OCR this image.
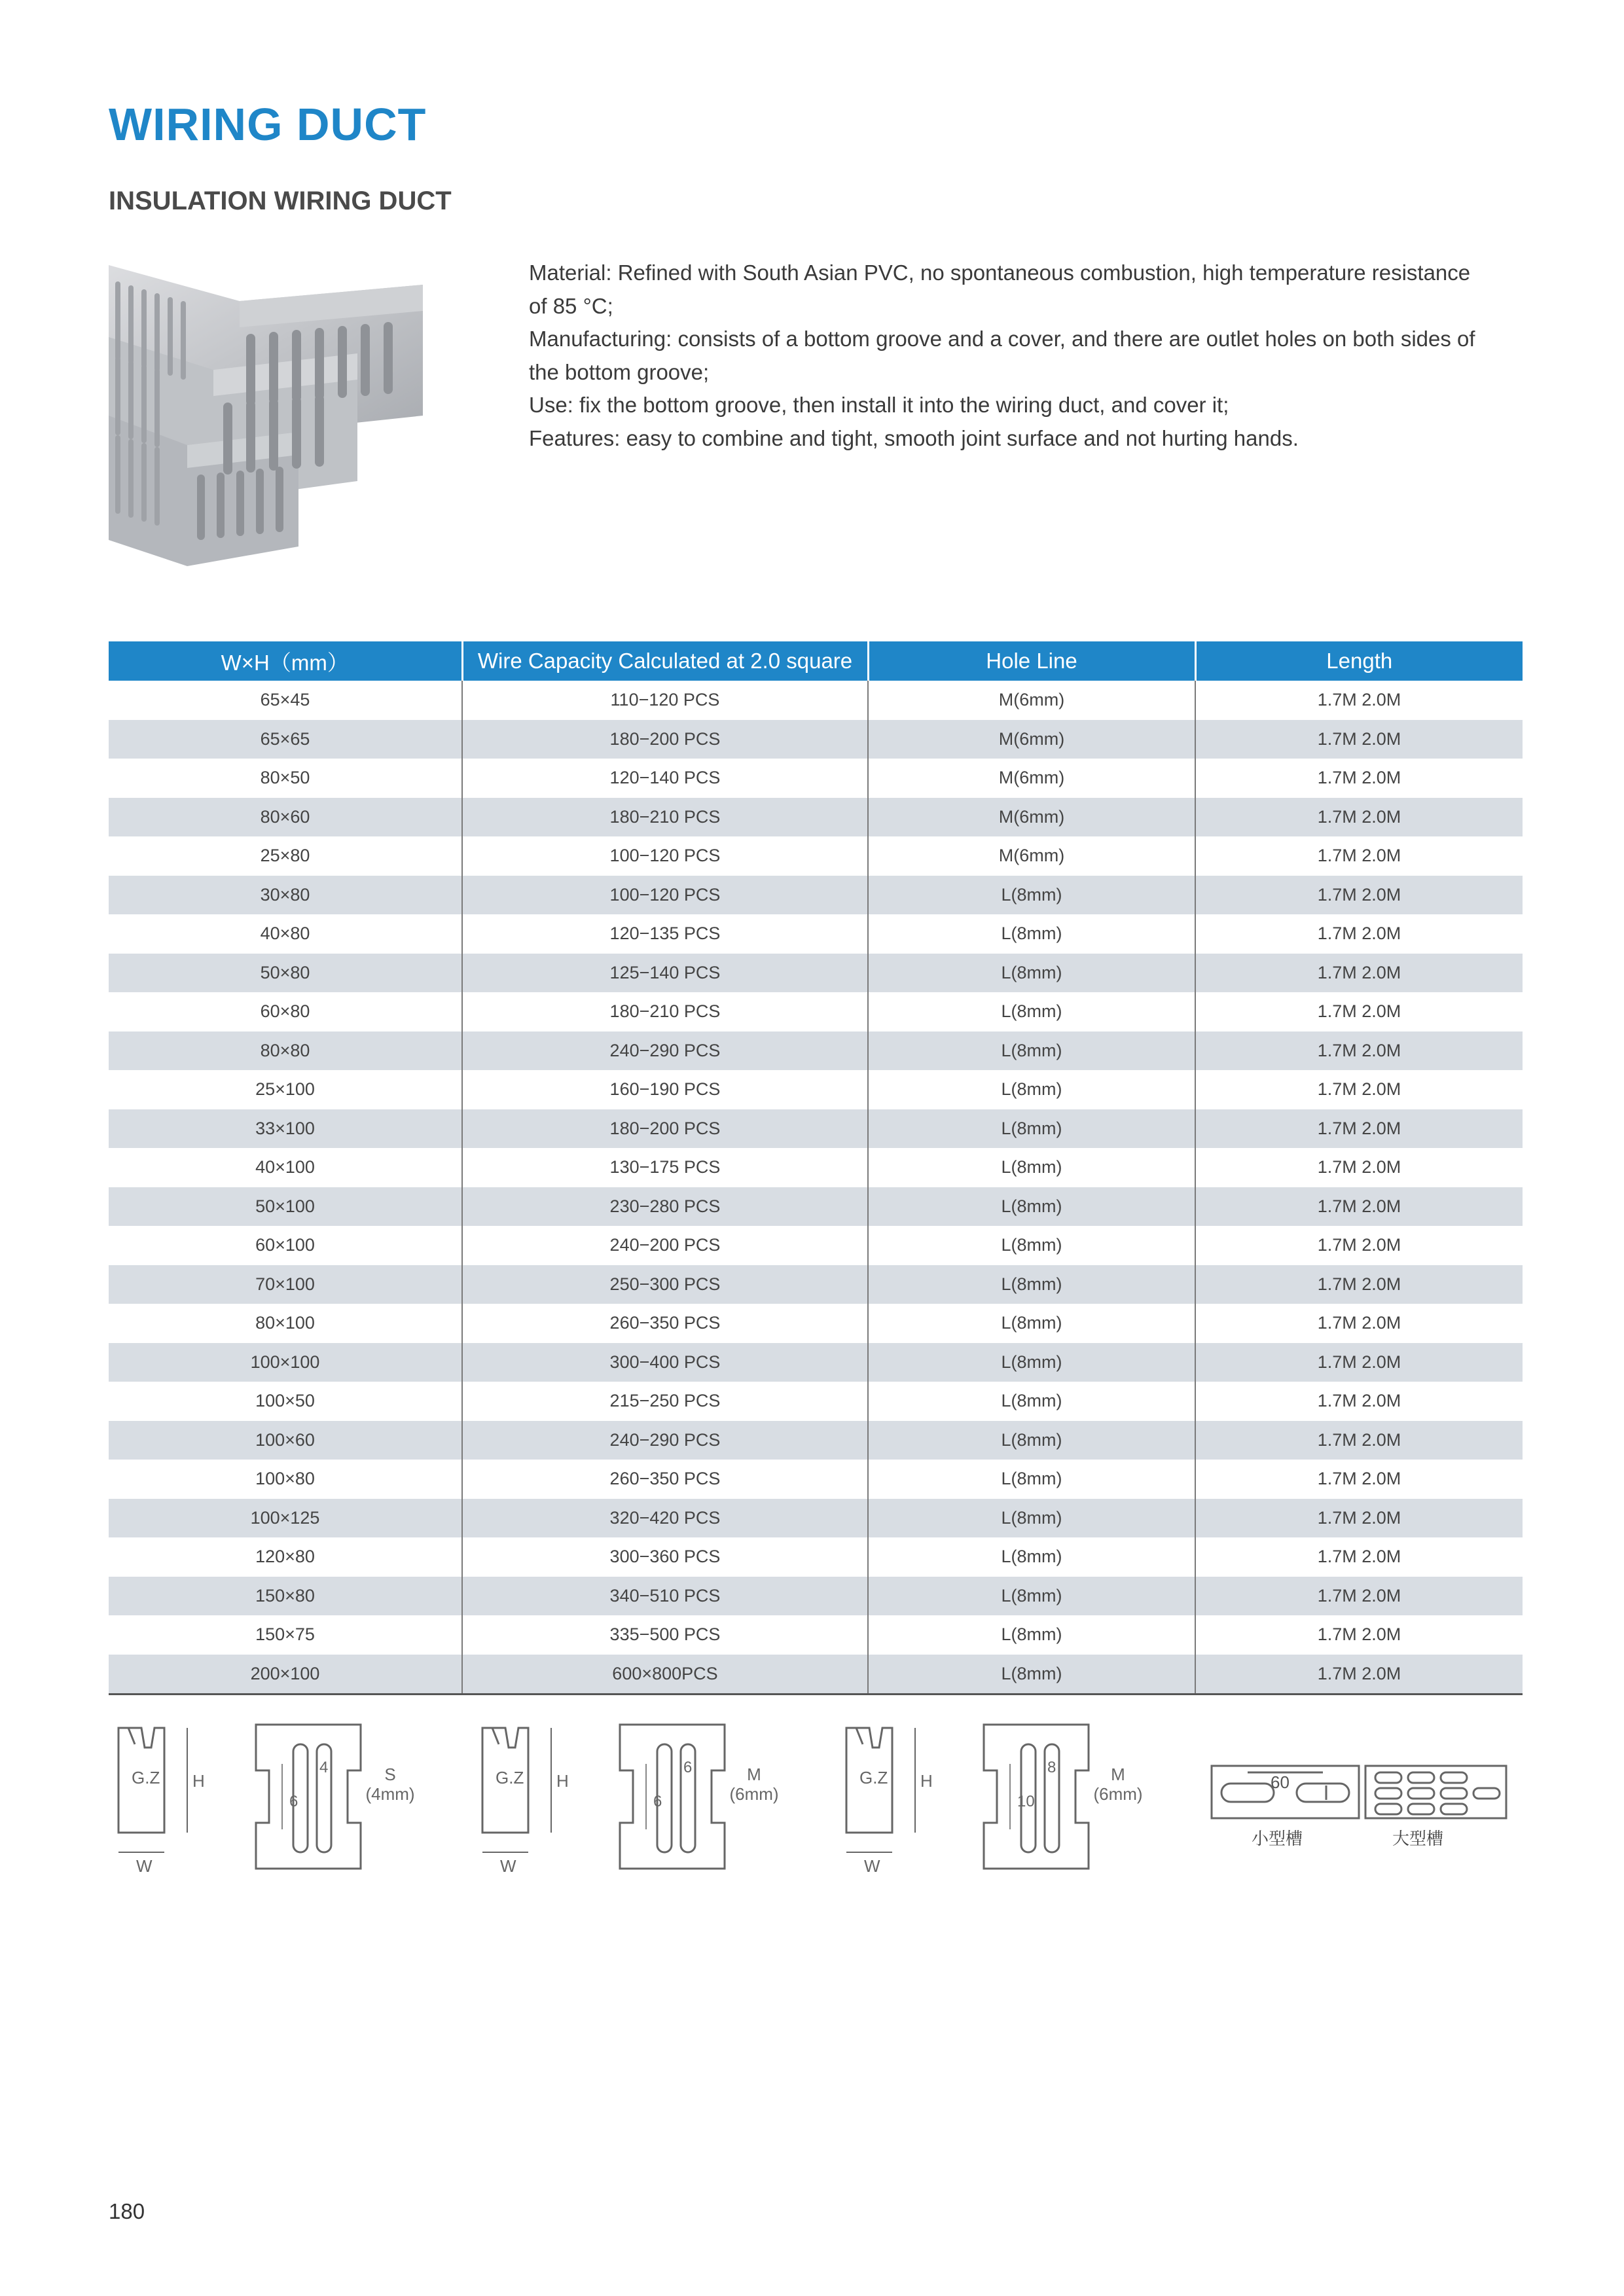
WIRING DUCT
INSULATION WIRING DUCT

Material: Refined with South Asian PVC, no spontaneous combustion, high temperature resistance

of 85 °C;

Manufacturing: consists of a bottom groove and a cover, and there are outlet holes on both sides of

the bottom groove;

Use: fix the bottom groove, then install it into the wiring duct, and cover it;

Features: easy to combine and tight, smooth joint surface and not hurting hands.

W×H（mm）	Wire Capacity Calculated at 2.0 square	Hole Line	Length
65×45	110−120 PCS	M(6mm)	1.7M 2.0M
65×65	180−200 PCS	M(6mm)	1.7M 2.0M
80×50	120−140 PCS	M(6mm)	1.7M 2.0M
80×60	180−210 PCS	M(6mm)	1.7M 2.0M
25×80	100−120 PCS	M(6mm)	1.7M 2.0M
30×80	100−120 PCS	L(8mm)	1.7M 2.0M
40×80	120−135 PCS	L(8mm)	1.7M 2.0M
50×80	125−140 PCS	L(8mm)	1.7M 2.0M
60×80	180−210 PCS	L(8mm)	1.7M 2.0M
80×80	240−290 PCS	L(8mm)	1.7M 2.0M
25×100	160−190 PCS	L(8mm)	1.7M 2.0M
33×100	180−200 PCS	L(8mm)	1.7M 2.0M
40×100	130−175 PCS	L(8mm)	1.7M 2.0M
50×100	230−280 PCS	L(8mm)	1.7M 2.0M
60×100	240−200 PCS	L(8mm)	1.7M 2.0M
70×100	250−300 PCS	L(8mm)	1.7M 2.0M
80×100	260−350 PCS	L(8mm)	1.7M 2.0M
100×100	300−400 PCS	L(8mm)	1.7M 2.0M
100×50	215−250 PCS	L(8mm)	1.7M 2.0M
100×60	240−290 PCS	L(8mm)	1.7M 2.0M
100×80	260−350 PCS	L(8mm)	1.7M 2.0M
100×125	320−420 PCS	L(8mm)	1.7M 2.0M
120×80	300−360 PCS	L(8mm)	1.7M 2.0M
150×80	340−510 PCS	L(8mm)	1.7M 2.0M
150×75	335−500 PCS	L(8mm)	1.7M 2.0M
200×100	600×800PCS	L(8mm)	1.7M 2.0M
G.Z H
W
6
4	S
(4mm)
G.Z H
W
6
6	M
(6mm)
G.Z H
W
10
8	M
(6mm)
60
小型槽	大型槽
180
